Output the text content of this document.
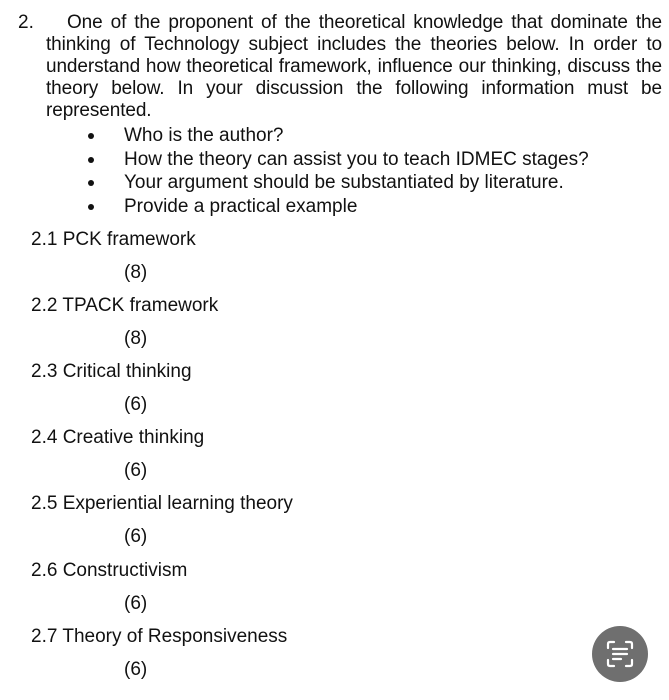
2.	One of the proponent of the theoretical knowledge that dominate the thinking of Technology subject includes the theories below. In order to understand how theoretical framework, influence our thinking, discuss the theory below. In your discussion the following information must be represented.
Who is the author?
How the theory can assist you to teach IDMEC stages?
Your argument should be substantiated by literature.
Provide a practical example
2.1 PCK framework
(8)
2.2 TPACK framework
(8)
2.3 Critical thinking
(6)
2.4 Creative thinking
(6)
2.5 Experiential learning theory
(6)
2.6 Constructivism
(6)
2.7 Theory of Responsiveness
(6)
